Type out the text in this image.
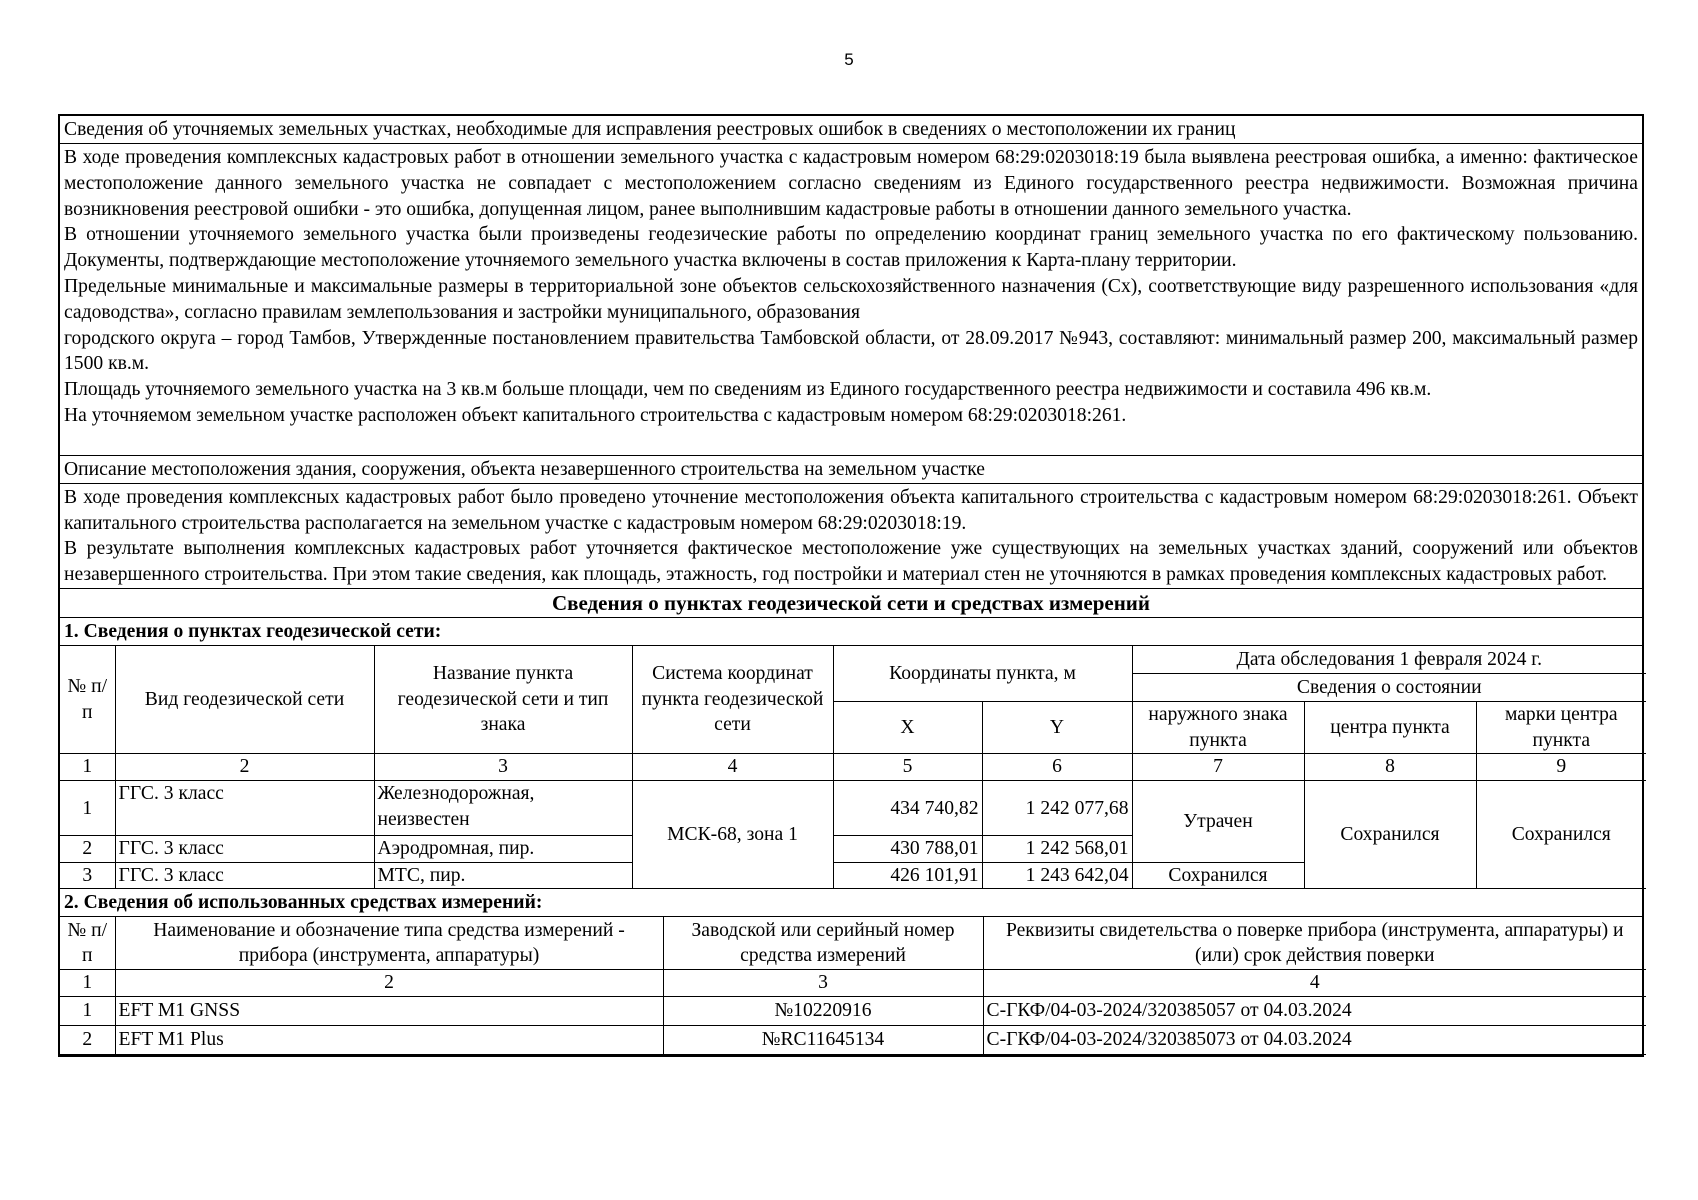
5
Сведения об уточняемых земельных участках, необходимые для исправления реестровых ошибок в сведениях о местоположении их границ

В ходе проведения комплексных кадастровых работ в отношении земельного участка с кадастровым номером 68:29:0203018:19 была выявлена реестровая ошибка, а именно: фактическое местоположение данного земельного участка не совпадает с местоположением согласно сведениям из Единого государственного реестра недвижимости. Возможная причина возникновения реестровой ошибки - это ошибка, допущенная лицом, ранее выполнившим кадастровые работы в отношении данного земельного участка.

В отношении уточняемого земельного участка были произведены геодезические работы по определению координат границ земельного участка по его фактическому пользованию. Документы, подтверждающие местоположение уточняемого земельного участка включены в состав приложения к Карта-плану территории.

Предельные минимальные и максимальные размеры в территориальной зоне объектов сельскохозяйственного назначения (Сх), соответствующие виду разрешенного использования «для садоводства», согласно правилам землепользования и застройки муниципального, образования

городского округа – город Тамбов, Утвержденные постановлением правительства Тамбовской области, от 28.09.2017 №943, составляют: минимальный размер 200, максимальный размер 1500 кв.м.

Площадь уточняемого земельного участка на 3 кв.м больше площади, чем по сведениям из Единого государственного реестра недвижимости и составила 496 кв.м.

На уточняемом земельном участке расположен объект капитального строительства с кадастровым номером 68:29:0203018:261.

Описание местоположения здания, сооружения, объекта незавершенного строительства на земельном участке

В ходе проведения комплексных кадастровых работ было проведено уточнение местоположения объекта капитального строительства с кадастровым номером 68:29:0203018:261. Объект капитального строительства располагается на земельном участке с кадастровым номером 68:29:0203018:19.

В результате выполнения комплексных кадастровых работ уточняется фактическое местоположение уже существующих на земельных участках зданий, сооружений или объектов незавершенного строительства. При этом такие сведения, как площадь, этажность, год постройки и материал стен не уточняются в рамках проведения комплексных кадастровых работ.

Сведения о пунктах геодезической сети и средствах измерений
1. Сведения о пунктах геодезической сети:
№ п/п	Вид геодезической сети	Название пункта геодезической сети и тип знака	Система координат пункта геодезической сети	Координаты пункта, м		Дата обследования 1 февраля 2024 г.		
						Сведения о состоянии		
				X	Y	наружного знака пункта	центра пункта	марки центра пункта
1	2	3	4	5	6	7	8	9
1	ГГС. 3 класс	Железнодорожная, неизвестен	МСК-68, зона 1	434 740,82	1 242 077,68	Утрачен	Сохранился	Сохранился
2	ГГС. 3 класс	Аэродромная, пир.		430 788,01	1 242 568,01			
3	ГГС. 3 класс	МТС, пир.		426 101,91	1 243 642,04	Сохранился		
2. Сведения об использованных средствах измерений:
№ п/п	Наименование и обозначение типа средства измерений - прибора (инструмента, аппаратуры)	Заводской или серийный номер средства измерений	Реквизиты свидетельства о поверке прибора (инструмента, аппаратуры) и (или) срок действия поверки
1	2	3	4
1	EFT M1 GNSS	№10220916	С-ГКФ/04-03-2024/320385057 от 04.03.2024
2	EFT M1 Plus	№RC11645134	С-ГКФ/04-03-2024/320385073 от 04.03.2024
